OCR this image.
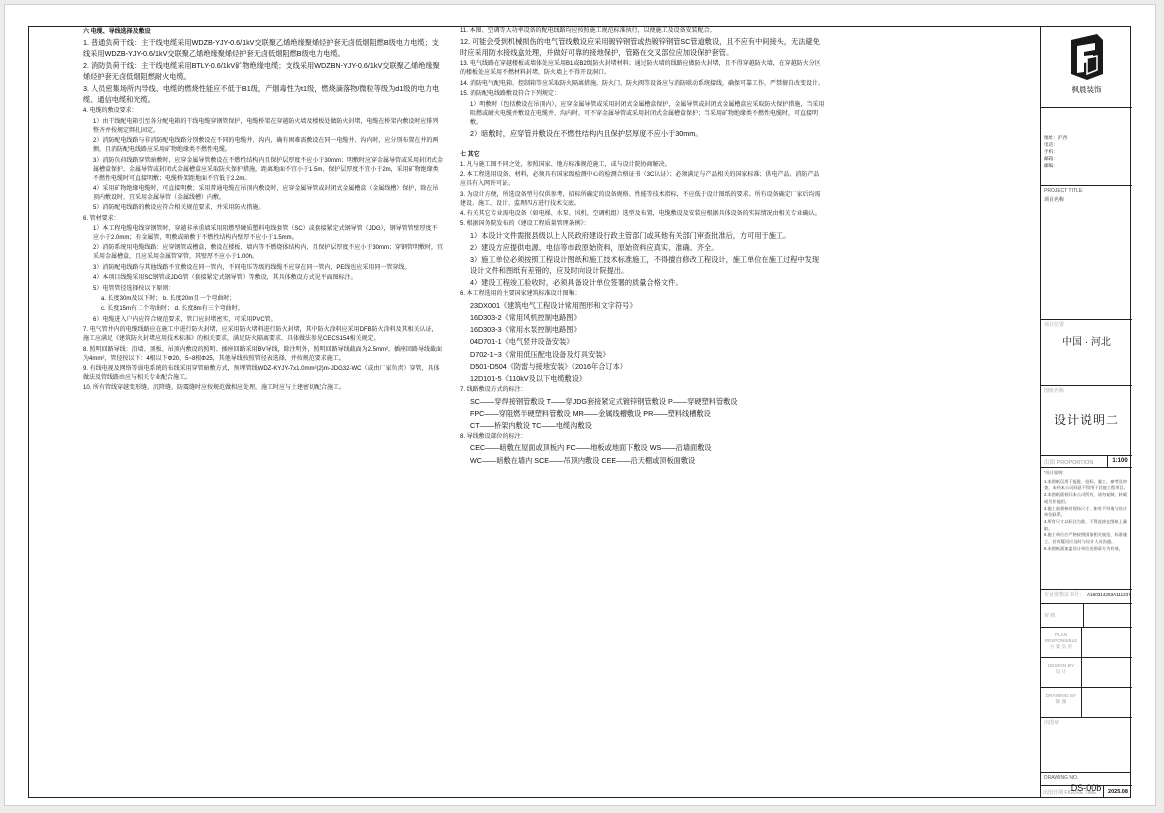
六 电缆、导线选择及敷设

1. 普通负荷干线：主干线电缆采用WDZB-YJY-0.6/1kV交联聚乙烯绝缘聚烯烃护套无卤低烟阻燃B级电力电缆；支线采用WDZB-YJY-0.6/1kV交联聚乙烯绝缘聚烯烃护套无卤低烟阻燃B级电力电缆。

2. 消防负荷干线：主干线电缆采用BTLY-0.6/1kV矿物绝缘电缆；支线采用WDZBN-YJY-0.6/1kV交联聚乙烯绝缘聚烯烃护套无卤低烟阻燃耐火电缆。

3. 人员密集场所内导线、电缆的燃烧性能应不低于B1级，产烟毒性为t1级，燃烧滴落物/微粒等级为d1级的电力电缆、通信电缆和光缆。

4. 电缆的敷设要求：

1）由干线配电箱引至各分配电箱的干线电缆穿钢管保护，电缆桥架在穿越防火墙及楼板处做防火封堵，电缆在桥架内敷设时应排列整齐并按规定绑扎固定。

2）消防配电线路与非消防配电线路分别敷设在不同的电缆井、沟内，确有困难需敷设在同一电缆井、沟内时，应分别布置在井的两侧，且消防配电线路应采用矿物绝缘类不燃性电缆。

3）消防负荷线路穿管暗敷时，应穿金属导管敷设在不燃性结构内且保护层厚度不应小于30mm；明敷时应穿金属导管或采用封闭式金属槽盒保护，金属导管或封闭式金属槽盒应采取防火保护措施，距离地面不宜小于1.5m，保护层厚度不宜小于2m，采用矿物绝缘类不燃性电缆时可直接明敷；电缆桥架距地面不宜低于2.2m。

4）采用矿物绝缘电缆时，可直接明敷；采用普通电缆在吊顶内敷设时，应穿金属导管或封闭式金属槽盒（金属线槽）保护，除在吊顶内敷设时，宜采用金属导管（金属线槽）内敷。

5）消防配电线路的敷设应符合相关规范要求，并采用防火措施。

6. 管材要求：

1）本工程电缆电线穿钢管时，穿越非承重墙采用阻燃型硬质塑料电线套管（SC）或套接紧定式钢导管（JDG），钢导管管壁厚度不应小于2.0mm；有金属管，明敷或暗敷于不燃性结构内壁厚不应小于1.5mm。

2）消防系统用电缆线路：应穿钢管或槽盒，敷设在楼板、墙内等不燃烧体结构内，且保护层厚度不应小于30mm；穿钢管明敷时，宜采用金属槽盒，且应采用金属管穿管，其壁厚不应小于1.00h。

3）消防配电线路与其他线路不宜敷设在同一管内，不同电压等级的线缆不应穿在同一管内，PE线也应采用同一管穿线。

4）本项目线缆采用SC钢管或JDG管（套接紧定式钢导管）等敷设，其具体敷设方式见平面图标注。

5）电管管径选择按以下原则：

a. 长度30m及以下时； b. 长度20m且一个弯曲时；

c. 长度15m有二个弯曲时； d. 长度8m有三个弯曲时。

6）电缆进入户内应符合规范要求，管口应封堵密实，可采用PVC管。

7. 电气管井内的电缆线路应在施工中进行防火封堵，应采用防火堵料进行防火封堵，其中防火涂料应采用DFB防火涂料及其相关认证，施工应满足《建筑防火封堵应用技术标准》的相关要求，满足防火隔离要求，具体做法参见CECS154相关规定。

8. 照明回路导线：沿墙、顶板、吊顶内敷设的照明、插座回路采用BV导线，除注明外，照明回路导线截面为2.5mm²，插座回路导线截面为4mm²，管径按以下：4根以下Φ20，5~8根Φ25，其他导线按照管径表选择，并按规范要求施工。

9. 有线电视及网络等弱电系统的布线采用穿管暗敷方式，预埋管线WDZ-KYJY-7x1.0mm²(2)m-JDG32-WC（或由厂家负责）穿管，具体做法及管线路由应与相关专业配合施工。

10. 所有管线穿越变形缝、沉降缝、防震缝时应按规范做相应处理，施工时应与土建密切配合施工。

11. 本图、空调等大功率设备的配电线路均应按照施工规范标准执行，以便施工及设备安装配合。

12. 可能会受到机械损伤的电气管线敷设应采用镀锌钢管或热镀锌钢管SC管道敷设，且不应有中间接头，无法避免时应采用防水接线盒处理，并做好可靠的接地保护，管路在交叉部位应加设保护套管。

13. 电气线路在穿越楼板或墙体处应采用B1或B2级防火封堵材料；通过防火墙的线路应做防火封堵，且不得穿越防火墙，在穿越防火分区的楼板处应采用不燃材料封堵，防火墙上不得开设洞口。

14. 消防电气配电箱、控制箱等应采取防火隔离措施，防火门、防火阀等设备应与消防联动系统接线，确保可靠工作，严禁擅自改变设计。

15. 消防配电线路敷设符合下列规定：

1）明敷时（包括敷设在吊顶内），应穿金属导管或采用封闭式金属槽盒保护，金属导管或封闭式金属槽盒应采取防火保护措施，当采用阻燃或耐火电缆并敷设在电缆井、沟内时，可不穿金属导管或采用封闭式金属槽盒保护；当采用矿物绝缘类不燃性电缆时，可直接明敷。

2）暗敷时，应穿管并敷设在不燃性结构内且保护层厚度不应小于30mm。

七 其它

1. 凡与施工图不同之处，参照国家、地方标准规范施工，或与设计院协商解决。

2. 本工程选用设备、材料，必须具有国家级检测中心的检测合格证书（3C认证）；必须满足与产品相关的国家标准；供电产品、消防产品应具有入网许可证。

3. 为设计方便，所选设备型号仅供参考，招标所确定的设备规格、性能等技术指标，不应低于设计图纸的要求。所有设备确定厂家后均需建设、施工、设计、监理四方进行技术交底。

4. 有关其它专业需电设备（如电梯、水泵、风机、空调机组）选型及布置，电缆敷设及安装应根据具体设备的实际情况由相关专业确认。

5. 根据国务院发布的《建设工程质量管理条例》：

1）本设计文件需报县级以上人民政府建设行政主管部门或其他有关部门审查批准后，方可用于施工。

2）建设方应提供电源、电信等市政原始资料，原始资料应真实、准确、齐全。

3）施工单位必须按照工程设计图纸和施工技术标准施工，不得擅自修改工程设计，施工单位在施工过程中发现设计文件和图纸有差错的，应及时向设计院提出。

4）建设工程竣工验收时，必须具备设计单位签署的质量合格文件。

6. 本工程选用的主要国家建筑标准设计图集：

23DX001《建筑电气工程设计常用图形和文字符号》

16D303-2《常用风机控制电路图》

16D303-3《常用水泵控制电路图》

04D701-1《电气竖井设备安装》

D702-1~3《常用低压配电设备及灯具安装》

D501-D504《防雷与接地安装》（2016年合订本）

12D101-5《110kV及以下电缆敷设》

7. 线路敷设方式的标注：

SC——穿焊接钢管敷设 T——穿JDG套接紧定式镀锌钢管敷设 P——穿硬塑料管敷设

FPC——穿阻燃半硬塑料管敷设 MR——金属线槽敷设 PR——塑料线槽敷设

CT——桥架内敷设 TC——电缆沟敷设

8. 导线敷设部位的标注：

CEC——暗敷在屋面或顶板内 FC——地板或地面下敷设 WS——沿墙面敷设

WC——暗敷在墙内 SCE——吊顶内敷设 CEE——沿天棚或顶板面敷设

枫晨装饰
地址：沪西
电话：
手机：
邮箱：
邮编：
PROJECT TITLE:
项目名称
项目位置
中国 · 河北
图纸名称
设计说明二
出图 PROPORTION	1:100
*设计说明：
1.本图纸仅用于报批、投标、施工、参考及审查，未经本公司同意不得用于其他工程项目。
2.本图纸版权归本公司所有，请勿复制、转载或另作他用。
3.施工前须核对现场尺寸，如有不符请与设计单位联系。
4.所有尺寸以标注为准，不得直接在图纸上量取。
5.施工单位应严格按照国家相关规范、标准施工，若有疑问应及时与设计人员沟通。
6.本图纸需加盖设计单位出图章方为有效。
专业资格证书号： A160314253A111237
审 核
PLAN
RESPONSIBLE
方 案 负 责
DESIGN BY
设 计
DRAWING BY
制 图
出图章
出图日期 FIGURE TIME	2025.08
DRAWING NO.
DS-00b
